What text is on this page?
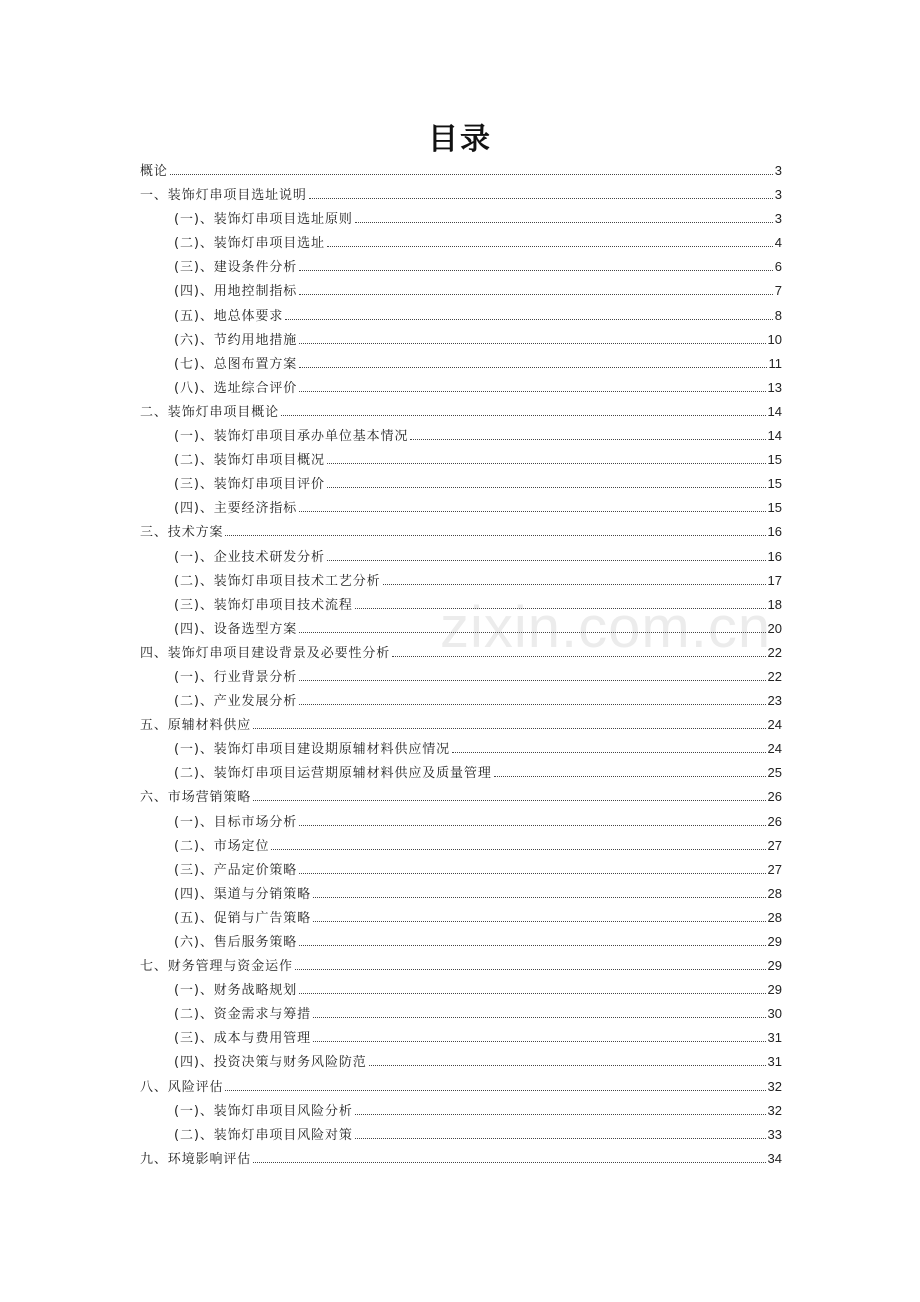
目录
概论	3
一、装饰灯串项目选址说明	3
(一)、装饰灯串项目选址原则	3
(二)、装饰灯串项目选址	4
(三)、建设条件分析	6
(四)、用地控制指标	7
(五)、地总体要求	8
(六)、节约用地措施	10
(七)、总图布置方案	11
(八)、选址综合评价	13
二、装饰灯串项目概论	14
(一)、装饰灯串项目承办单位基本情况	14
(二)、装饰灯串项目概况	15
(三)、装饰灯串项目评价	15
(四)、主要经济指标	15
三、技术方案	16
(一)、企业技术研发分析	16
(二)、装饰灯串项目技术工艺分析	17
(三)、装饰灯串项目技术流程	18
(四)、设备选型方案	20
四、装饰灯串项目建设背景及必要性分析	22
(一)、行业背景分析	22
(二)、产业发展分析	23
五、原辅材料供应	24
(一)、装饰灯串项目建设期原辅材料供应情况	24
(二)、装饰灯串项目运营期原辅材料供应及质量管理	25
六、市场营销策略	26
(一)、目标市场分析	26
(二)、市场定位	27
(三)、产品定价策略	27
(四)、渠道与分销策略	28
(五)、促销与广告策略	28
(六)、售后服务策略	29
七、财务管理与资金运作	29
(一)、财务战略规划	29
(二)、资金需求与筹措	30
(三)、成本与费用管理	31
(四)、投资决策与财务风险防范	31
八、风险评估	32
(一)、装饰灯串项目风险分析	32
(二)、装饰灯串项目风险对策	33
九、环境影响评估	34
zixin.com.cn
